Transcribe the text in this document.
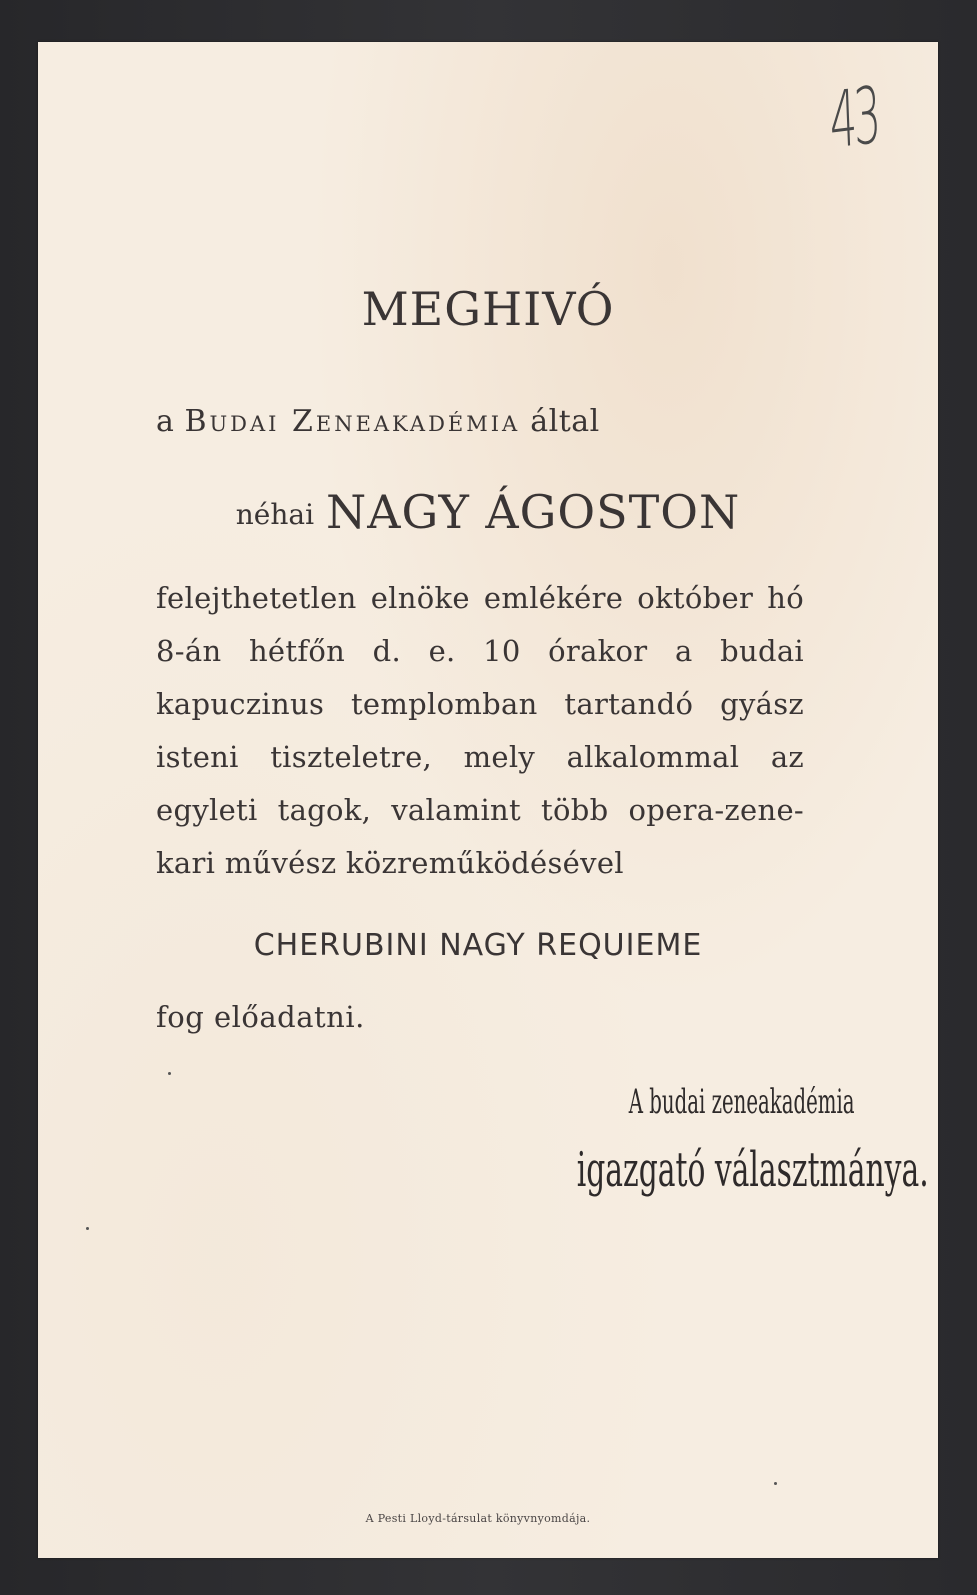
43
MEGHIVÓ
a Budai Zeneakadémia által
néhai NAGY ÁGOSTON
felejthetetlen elnöke emlékére október hó 8-án hétfőn d. e. 10 órakor a budai kapuczinus templomban tartandó gyász isteni tiszteletre, mely alkalommal az egyleti tagok, valamint több opera-zene-kari művész közreműködésével
CHERUBINI NAGY REQUIEME
fog előadatni.
A budai zeneakadémia
igazgató választmánya.
A Pesti Lloyd-társulat könyvnyomdája.
